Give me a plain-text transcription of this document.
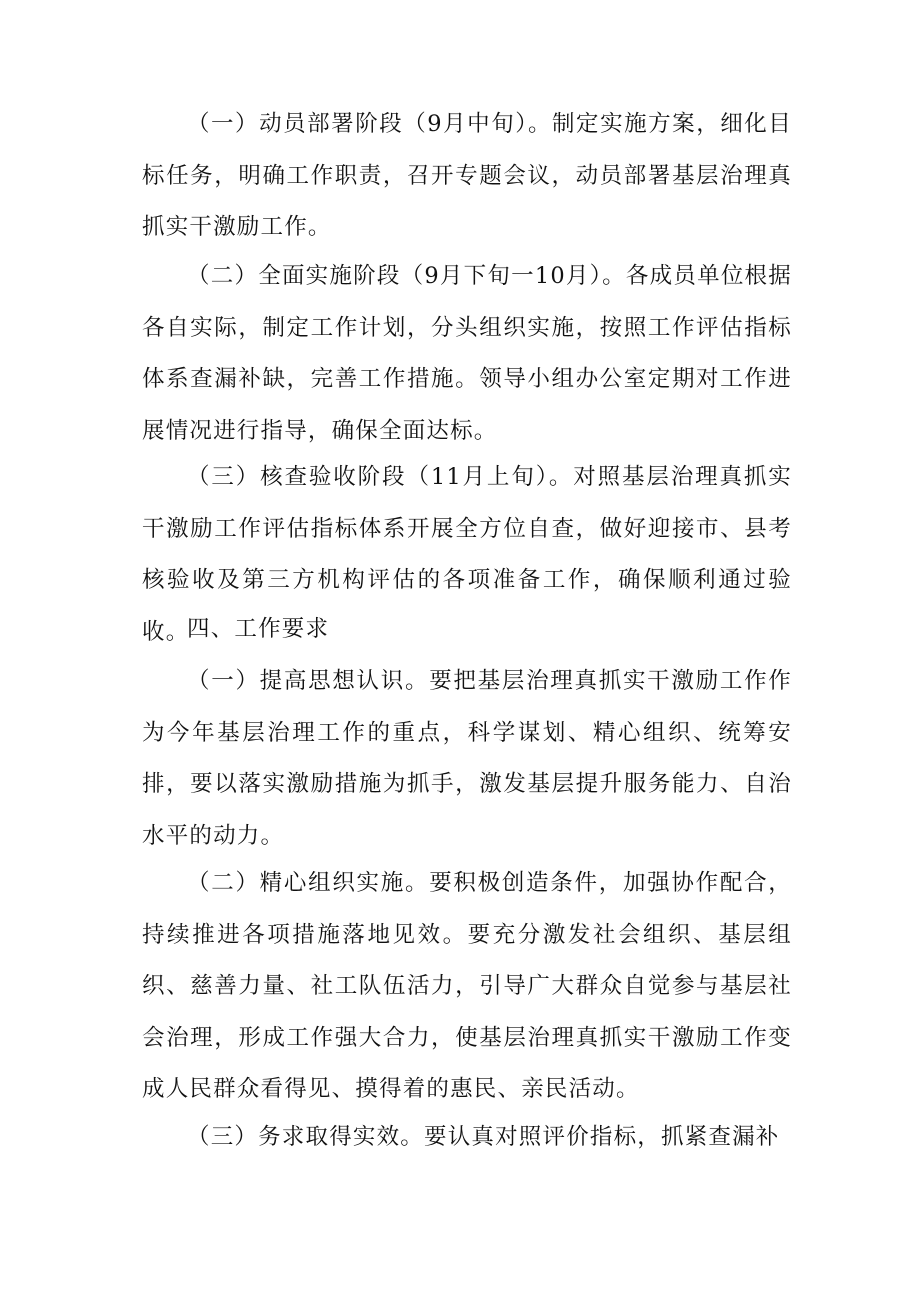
（一）动员部署阶段（9月中旬）。制定实施方案，细化目标任务，明确工作职责，召开专题会议，动员部署基层治理真抓实干激励工作。

（二）全面实施阶段（9月下旬一10月）。各成员单位根据各自实际，制定工作计划，分头组织实施，按照工作评估指标体系查漏补缺，完善工作措施。领导小组办公室定期对工作进展情况进行指导，确保全面达标。

（三）核查验收阶段（11月上旬）。对照基层治理真抓实干激励工作评估指标体系开展全方位自查，做好迎接市、县考核验收及第三方机构评估的各项准备工作，确保顺利通过验收。

四、工作要求

（一）提高思想认识。要把基层治理真抓实干激励工作作为今年基层治理工作的重点，科学谋划、精心组织、统筹安排，要以落实激励措施为抓手，激发基层提升服务能力、自治水平的动力。

（二）精心组织实施。要积极创造条件，加强协作配合，持续推进各项措施落地见效。要充分激发社会组织、基层组织、慈善力量、社工队伍活力，引导广大群众自觉参与基层社会治理，形成工作强大合力，使基层治理真抓实干激励工作变成人民群众看得见、摸得着的惠民、亲民活动。

（三）务求取得实效。要认真对照评价指标，抓紧查漏补
